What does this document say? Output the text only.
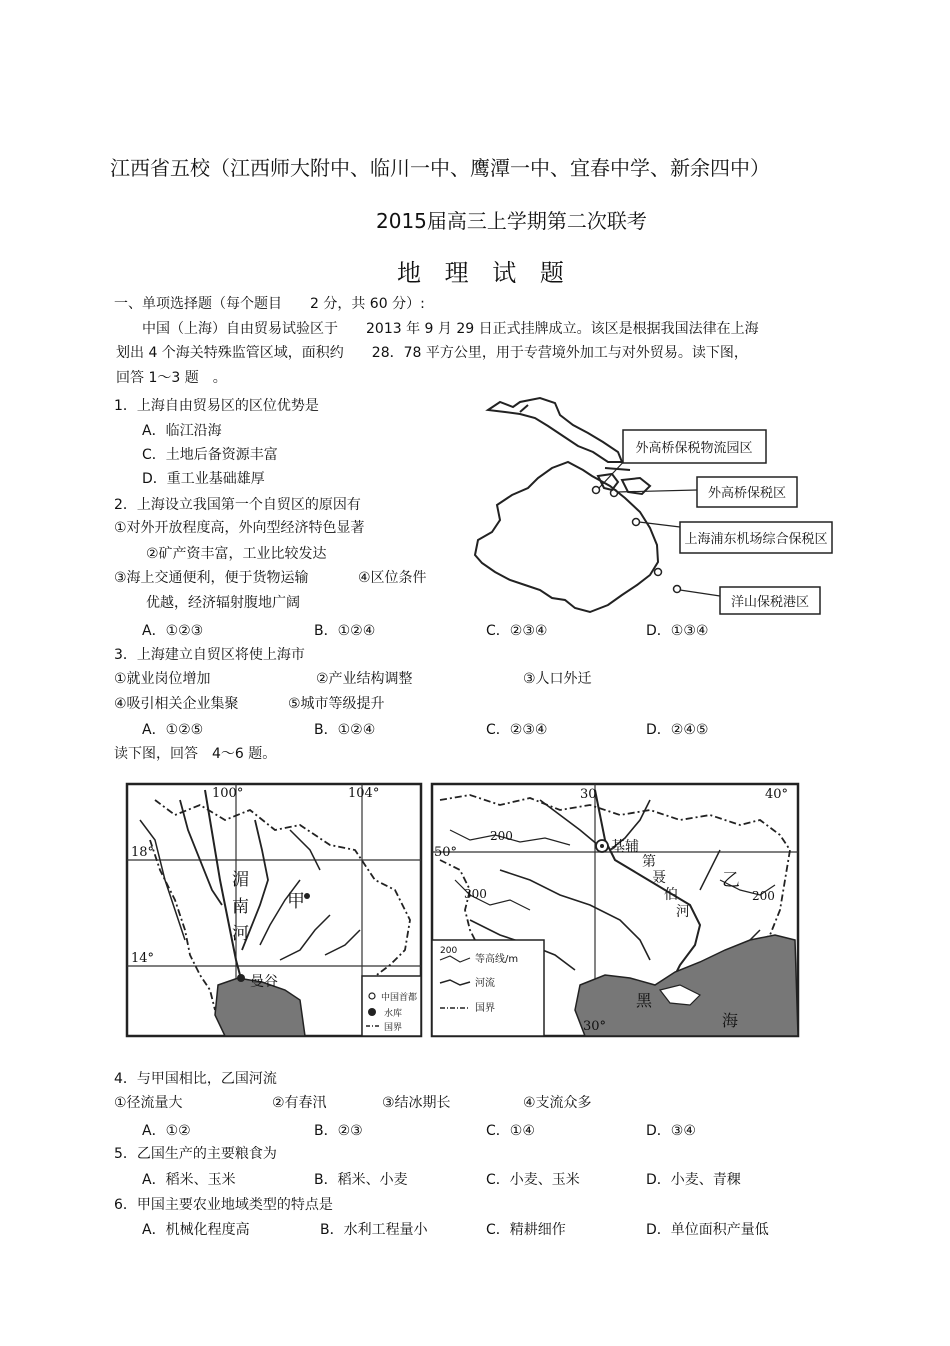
江西省五校（江西师大附中、临川一中、鹰潭一中、宜春中学、新余四中）
2015届高三上学期第二次联考
地 理 试 题
一、单项选择题（每个题目　　2 分，共 60 分）:
中国（上海）自由贸易试验区于　　2013 年 9 月 29 日正式挂牌成立。该区是根据我国法律在上海
划出 4 个海关特殊监管区域，面积约　　28．78 平方公里，用于专营境外加工与对外贸易。读下图，
回答 1～3 题　。
1．上海自由贸易区的区位优势是
A．临江沿海
C．土地后备资源丰富
D．重工业基础雄厚
2．上海设立我国第一个自贸区的原因有
①对外开放程度高，外向型经济特色显著
②矿产资丰富，工业比较发达
③海上交通便利，便于货物运输	④区位条件
优越，经济辐射腹地广阔
A．①②③	B．①②④	C．②③④	D．①③④
3．上海建立自贸区将使上海市
①就业岗位增加	②产业结构调整	③人口外迁
④吸引相关企业集聚	⑤城市等级提升
A．①②⑤	B．①②④	C．②③④	D．②④⑤
读下图，回答　4～6 题。
外高桥保税物流园区
外高桥保税区
上海浦东机场综合保税区
洋山保税港区
中国首都
水库
国界
100°	104°
18°
14°
湄
南
河
甲
曼谷
200
等高线/m
河流
国界
30	40°
50°
30°
200
300	200
基辅
第
聂
伯
河
乙
黑
海
4．与甲国相比，乙国河流
①径流量大	②有春汛	③结冰期长	④支流众多
A．①②	B．②③	C．①④	D．③④
5．乙国生产的主要粮食为
A．稻米、玉米	B．稻米、小麦	C．小麦、玉米	D．小麦、青稞
6．甲国主要农业地域类型的特点是
A．机械化程度高	B．水利工程量小	C．精耕细作	D．单位面积产量低
